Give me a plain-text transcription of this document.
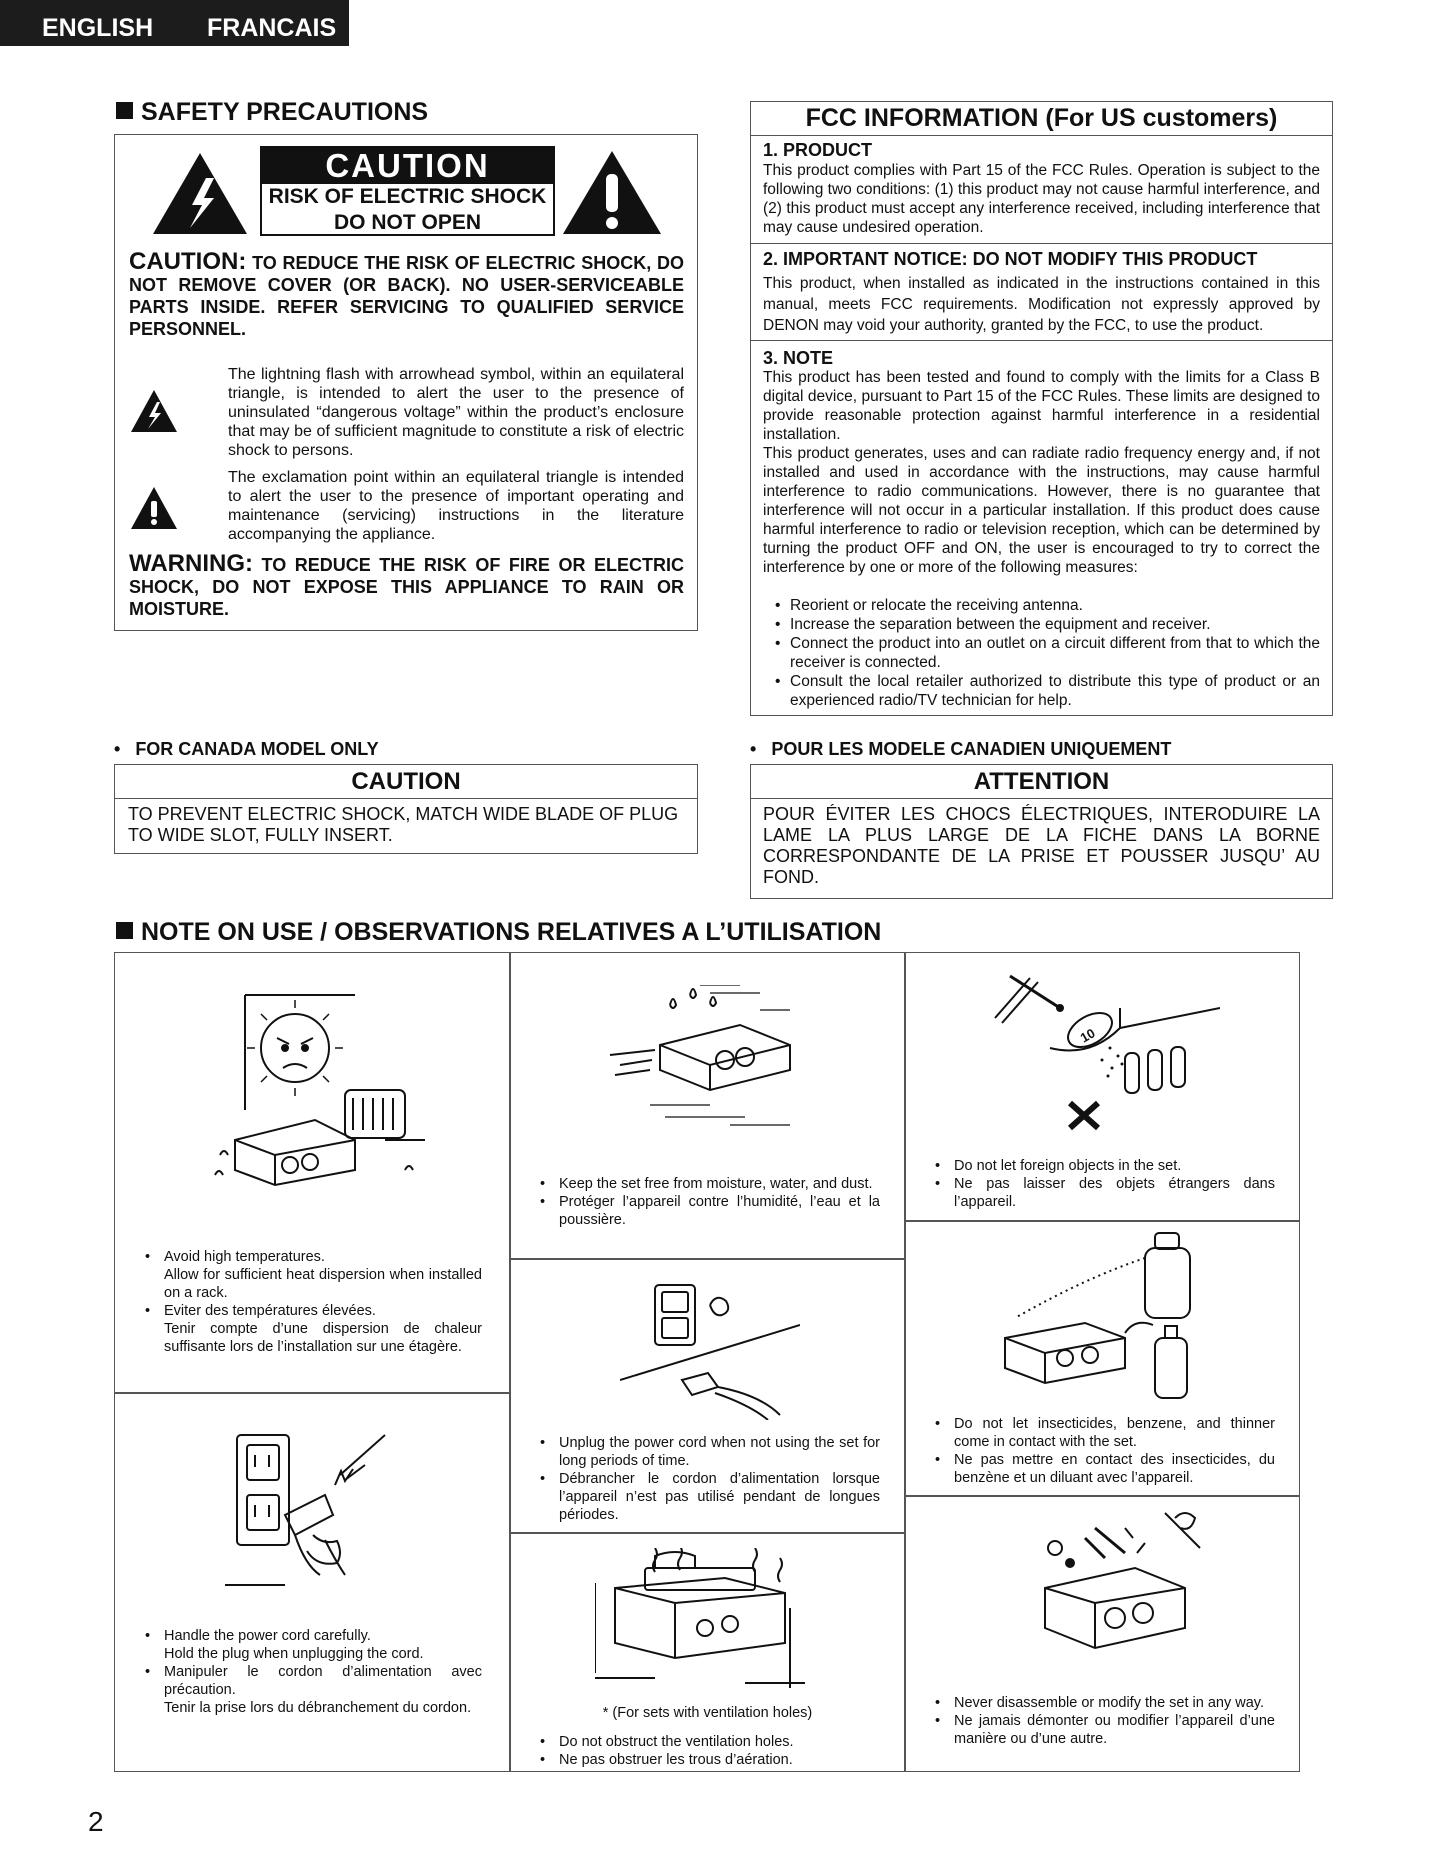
ENGLISH FRANCAIS
SAFETY PRECAUTIONS
CAUTION
RISK OF ELECTRIC SHOCK
DO NOT OPEN
CAUTION: TO REDUCE THE RISK OF ELECTRIC SHOCK, DO NOT REMOVE COVER (OR BACK). NO USER-SERVICEABLE PARTS INSIDE. REFER SERVICING TO QUALIFIED SERVICE PERSONNEL.
The lightning flash with arrowhead symbol, within an equilateral triangle, is intended to alert the user to the presence of uninsulated “dangerous voltage” within the product’s enclosure that may be of sufficient magnitude to constitute a risk of electric shock to persons.
The exclamation point within an equilateral triangle is intended to alert the user to the presence of important operating and maintenance (servicing) instructions in the literature accompanying the appliance.
WARNING: TO REDUCE THE RISK OF FIRE OR ELECTRIC SHOCK, DO NOT EXPOSE THIS APPLIANCE TO RAIN OR MOISTURE.
FCC INFORMATION (For US customers)
1. PRODUCT
This product complies with Part 15 of the FCC Rules. Operation is subject to the following two conditions: (1) this product may not cause harmful interference, and (2) this product must accept any interference received, including interference that may cause undesired operation.
2. IMPORTANT NOTICE: DO NOT MODIFY THIS PRODUCT
This product, when installed as indicated in the instructions contained in this manual, meets FCC requirements. Modification not expressly approved by DENON may void your authority, granted by the FCC, to use the product.
3. NOTE
This product has been tested and found to comply with the limits for a Class B digital device, pursuant to Part 15 of the FCC Rules. These limits are designed to provide reasonable protection against harmful interference in a residential installation.
This product generates, uses and can radiate radio frequency energy and, if not installed and used in accordance with the instructions, may cause harmful interference to radio communications. However, there is no guarantee that interference will not occur in a particular installation. If this product does cause harmful interference to radio or television reception, which can be determined by turning the product OFF and ON, the user is encouraged to try to correct the interference by one or more of the following measures:
• Reorient or relocate the receiving antenna.
• Increase the separation between the equipment and receiver.
• Connect the product into an outlet on a circuit different from that to which the receiver is connected.
• Consult the local retailer authorized to distribute this type of product or an experienced radio/TV technician for help.
•   FOR CANADA MODEL ONLY
CAUTION
TO PREVENT ELECTRIC SHOCK, MATCH WIDE BLADE OF PLUG TO WIDE SLOT, FULLY INSERT.
•   POUR LES MODELE CANADIEN UNIQUEMENT
ATTENTION
POUR ÉVITER LES CHOCS ÉLECTRIQUES, INTERODUIRE LA LAME LA PLUS LARGE DE LA FICHE DANS LA BORNE CORRESPONDANTE DE LA PRISE ET POUSSER JUSQU’ AU FOND.
NOTE ON USE / OBSERVATIONS RELATIVES A L’UTILISATION
• Avoid high temperatures.
Allow for sufficient heat dispersion when installed on a rack.
• Eviter des températures élevées.
Tenir compte d’une dispersion de chaleur suffisante lors de l’installation sur une étagère.
• Handle the power cord carefully.
Hold the plug when unplugging the cord.
• Manipuler le cordon d’alimentation avec précaution.
Tenir la prise lors du débranchement du cordon.
• Keep the set free from moisture, water, and dust.
• Protéger l’appareil contre l’humidité, l’eau et la poussière.
• Unplug the power cord when not using the set for long periods of time.
• Débrancher le cordon d’alimentation lorsque l’appareil n’est pas utilisé pendant de longues périodes.
* (For sets with ventilation holes)
• Do not obstruct the ventilation holes.
• Ne pas obstruer les trous d’aération.
10
• Do not let foreign objects in the set.
• Ne pas laisser des objets étrangers dans l’appareil.
• Do not let insecticides, benzene, and thinner come in contact with the set.
• Ne pas mettre en contact des insecticides, du benzène et un diluant avec l’appareil.
• Never disassemble or modify the set in any way.
• Ne jamais démonter ou modifier l’appareil d’une manière ou d’une autre.
2
